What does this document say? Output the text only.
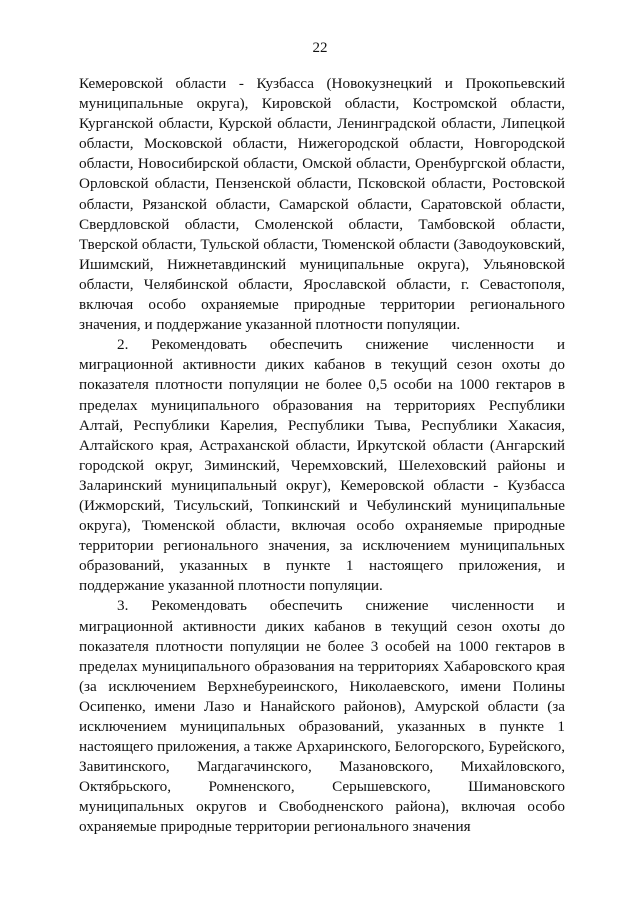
22

Кемеровской области - Кузбасса (Новокузнецкий и Прокопьевский муниципальные округа), Кировской области, Костромской области, Курганской области, Курской области, Ленинградской области, Липецкой области, Московской области, Нижегородской области, Новгородской области, Новосибирской области, Омской области, Оренбургской области, Орловской области, Пензенской области, Псковской области, Ростовской области, Рязанской области, Самарской области, Саратовской области, Свердловской области, Смоленской области, Тамбовской области, Тверской области, Тульской области, Тюменской области (Заводоуковский, Ишимский, Нижнетавдинский муниципальные округа), Ульяновской области, Челябинской области, Ярославской области, г. Севастополя, включая особо охраняемые природные территории регионального значения, и поддержание указанной плотности популяции.

2. Рекомендовать обеспечить снижение численности и миграционной активности диких кабанов в текущий сезон охоты до показателя плотности популяции не более 0,5 особи на 1000 гектаров в пределах муниципального образования на территориях Республики Алтай, Республики Карелия, Республики Тыва, Республики Хакасия, Алтайского края, Астраханской области, Иркутской области (Ангарский городской округ, Зиминский, Черемховский, Шелеховский районы и Заларинский муниципальный округ), Кемеровской области - Кузбасса (Ижморский, Тисульский, Топкинский и Чебулинский муниципальные округа), Тюменской области, включая особо охраняемые природные территории регионального значения, за исключением муниципальных образований, указанных в пункте 1 настоящего приложения, и поддержание указанной плотности популяции.

3. Рекомендовать обеспечить снижение численности и миграционной активности диких кабанов в текущий сезон охоты до показателя плотности популяции не более 3 особей на 1000 гектаров в пределах муниципального образования на территориях Хабаровского края (за исключением Верхнебуреинского, Николаевского, имени Полины Осипенко, имени Лазо и Нанайского районов), Амурской области (за исключением муниципальных образований, указанных в пункте 1 настоящего приложения, а также Архаринского, Белогорского, Бурейского, Завитинского, Магдагачинского, Мазановского, Михайловского, Октябрьского, Ромненского, Серышевского, Шимановского муниципальных округов и Свободненского района), включая особо охраняемые природные территории регионального значения
